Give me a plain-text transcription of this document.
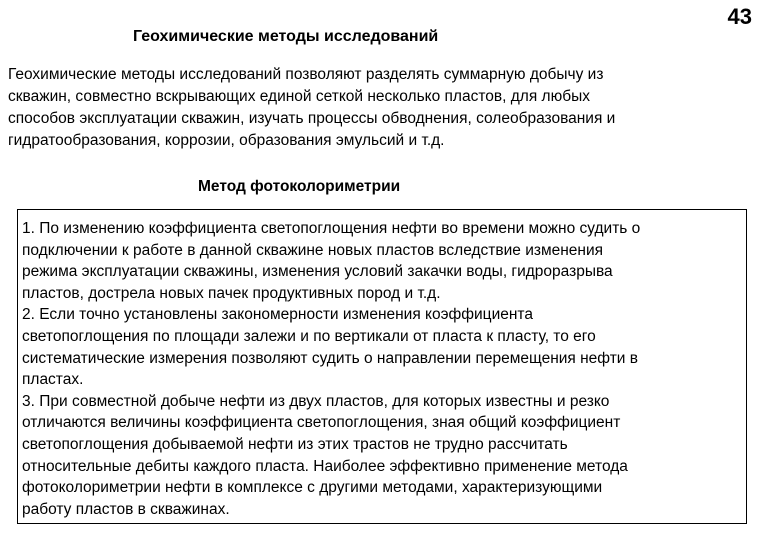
43
Геохимические методы исследований

Геохимические методы исследований позволяют разделять суммарную добычу из
скважин, совместно вскрывающих единой сеткой несколько пластов, для любых
способов эксплуатации скважин, изучать процессы обводнения, солеобразования и
гидратообразования, коррозии, образования эмульсий и т.д.

Метод фотоколориметрии

1. По изменению коэффициента светопоглощения нефти во времени можно судить о
подключении к работе в данной скважине новых пластов вследствие изменения
режима эксплуатации скважины, изменения условий закачки воды, гидроразрыва
пластов, дострела новых пачек продуктивных пород и т.д.
2. Если точно установлены закономерности изменения коэффициента
светопоглощения по площади залежи и по вертикали от пласта к пласту, то его
систематические измерения позволяют судить о направлении перемещения нефти в
пластах.
3. При совместной добыче нефти из двух пластов, для которых известны и резко
отличаются величины коэффициента светопоглощения, зная общий коэффициент
светопоглощения добываемой нефти из этих трастов не трудно рассчитать
относительные дебиты каждого пласта. Наиболее эффективно применение метода
фотоколориметрии нефти в комплексе с другими методами, характеризующими
работу пластов в скважинах.
